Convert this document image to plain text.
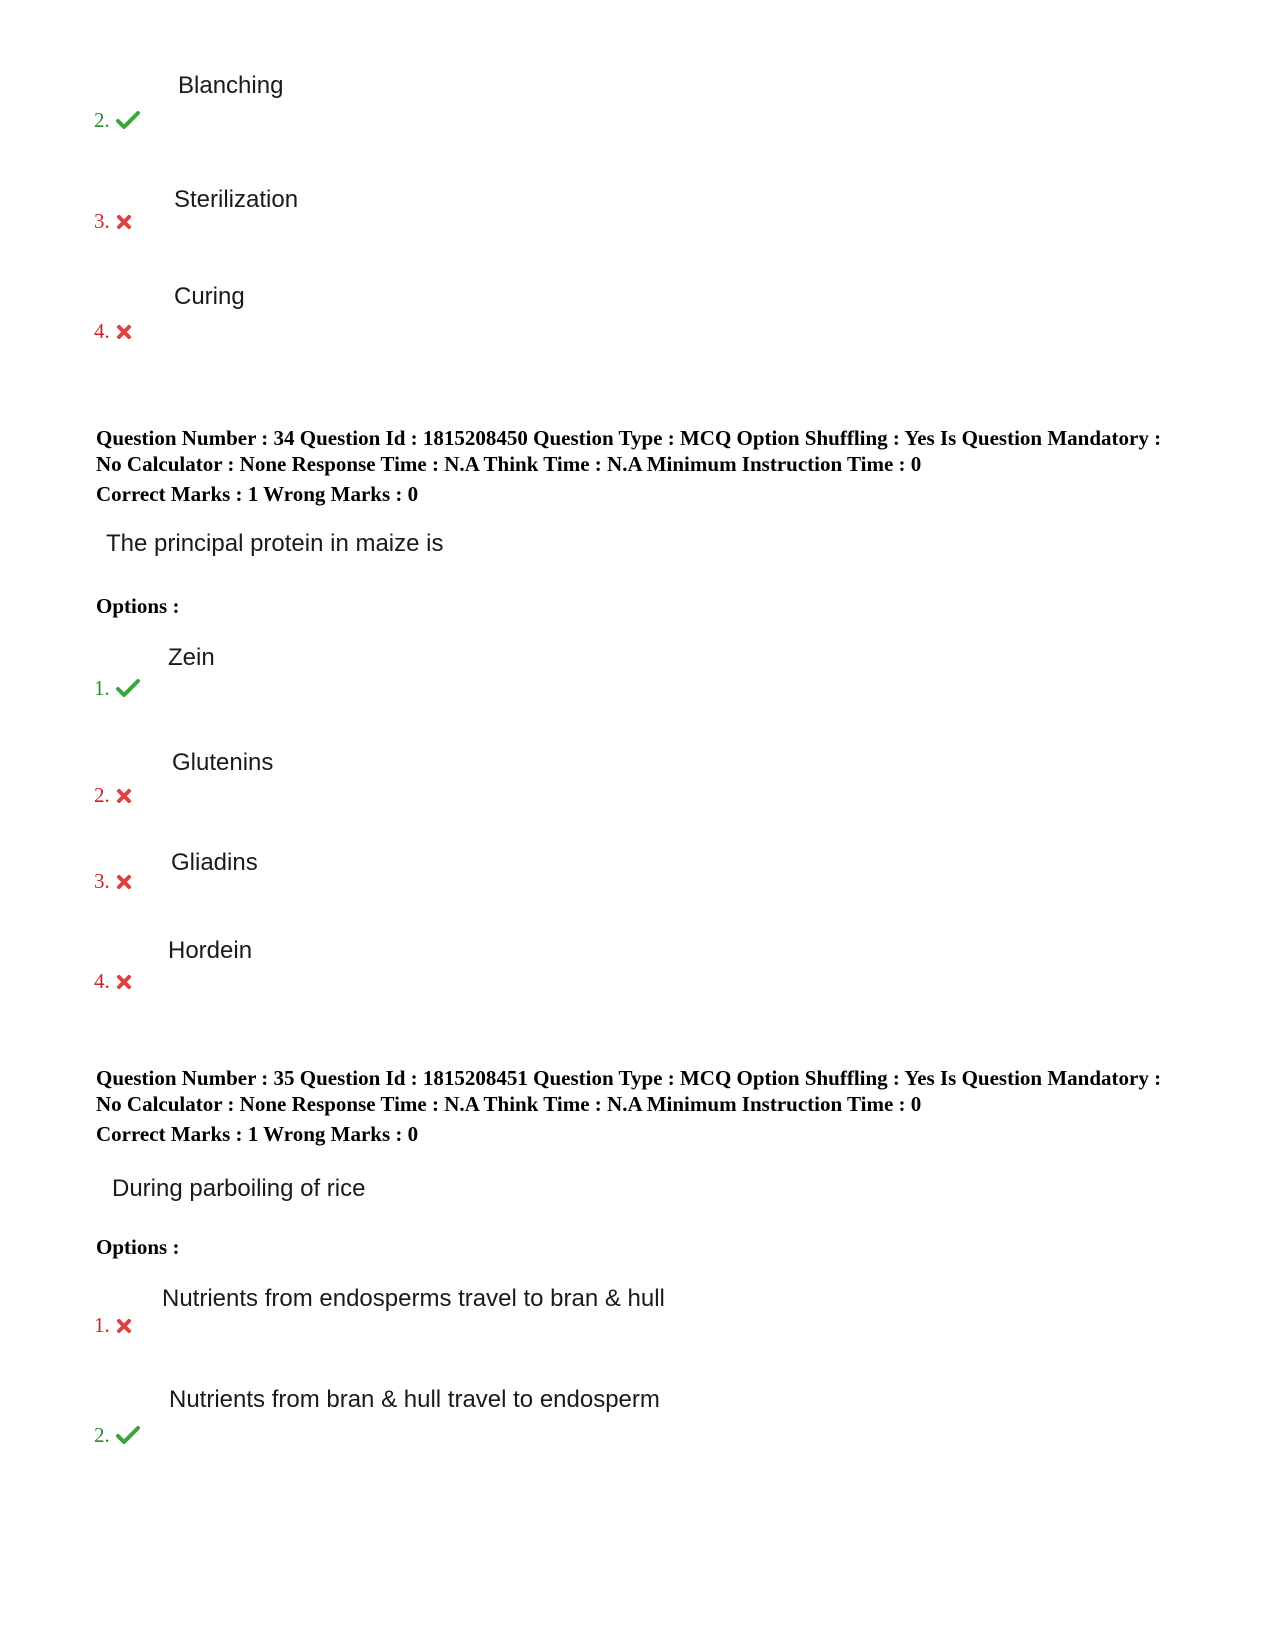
Blanching
2.
Sterilization
3.
Curing
4.
Question Number : 34 Question Id : 1815208450 Question Type : MCQ Option Shuffling : Yes Is Question Mandatory : No Calculator : None Response Time : N.A Think Time : N.A Minimum Instruction Time : 0
Correct Marks : 1 Wrong Marks : 0
The principal protein in maize is
Options :
Zein
1.
Glutenins
2.
Gliadins
3.
Hordein
4.
Question Number : 35 Question Id : 1815208451 Question Type : MCQ Option Shuffling : Yes Is Question Mandatory : No Calculator : None Response Time : N.A Think Time : N.A Minimum Instruction Time : 0
Correct Marks : 1 Wrong Marks : 0
During parboiling of rice
Options :
Nutrients from endosperms travel to bran & hull
1.
Nutrients from bran & hull travel to endosperm
2.
